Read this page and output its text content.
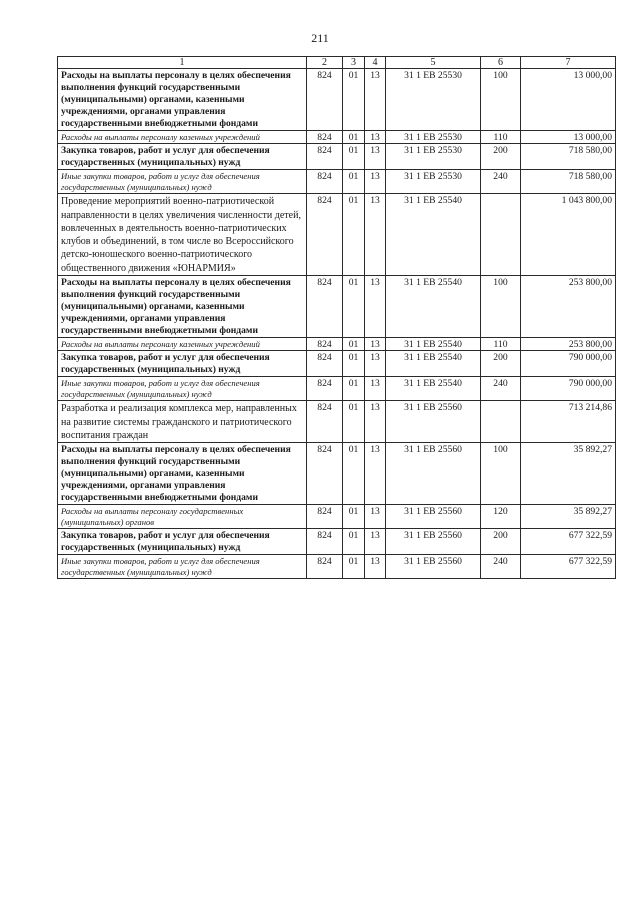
211
1	2	3	4	5	6	7
Расходы на выплаты персоналу в целях обеспечения выполнения функций государственными (муниципальными) органами, казенными учреждениями, органами управления государственными внебюджетными фондами	824	01	13	31 1 ЕВ 25530	100	13 000,00
Расходы на выплаты персоналу казенных учреждений	824	01	13	31 1 ЕВ 25530	110	13 000,00
Закупка товаров, работ и услуг для обеспечения государственных (муниципальных) нужд	824	01	13	31 1 ЕВ 25530	200	718 580,00
Иные закупки товаров, работ и услуг для обеспечения государственных (муниципальных) нужд	824	01	13	31 1 ЕВ 25530	240	718 580,00
Проведение мероприятий военно-патриотической направленности в целях увеличения численности детей, вовлеченных в деятельность военно-патриотических клубов и объединений, в том числе во Всероссийского детско-юношеского военно-патриотического общественного движения «ЮНАРМИЯ»	824	01	13	31 1 ЕВ 25540		1 043 800,00
Расходы на выплаты персоналу в целях обеспечения выполнения функций государственными (муниципальными) органами, казенными учреждениями, органами управления государственными внебюджетными фондами	824	01	13	31 1 ЕВ 25540	100	253 800,00
Расходы на выплаты персоналу казенных учреждений	824	01	13	31 1 ЕВ 25540	110	253 800,00
Закупка товаров, работ и услуг для обеспечения государственных (муниципальных) нужд	824	01	13	31 1 ЕВ 25540	200	790 000,00
Иные закупки товаров, работ и услуг для обеспечения государственных (муниципальных) нужд	824	01	13	31 1 ЕВ 25540	240	790 000,00
Разработка и реализация комплекса мер, направленных на развитие системы гражданского и патриотического воспитания граждан	824	01	13	31 1 ЕВ 25560		713 214,86
Расходы на выплаты персоналу в целях обеспечения выполнения функций государственными (муниципальными) органами, казенными учреждениями, органами управления государственными внебюджетными фондами	824	01	13	31 1 ЕВ 25560	100	35 892,27
Расходы на выплаты персоналу государственных (муниципальных) органов	824	01	13	31 1 ЕВ 25560	120	35 892,27
Закупка товаров, работ и услуг для обеспечения государственных (муниципальных) нужд	824	01	13	31 1 ЕВ 25560	200	677 322,59
Иные закупки товаров, работ и услуг для обеспечения государственных (муниципальных) нужд	824	01	13	31 1 ЕВ 25560	240	677 322,59
